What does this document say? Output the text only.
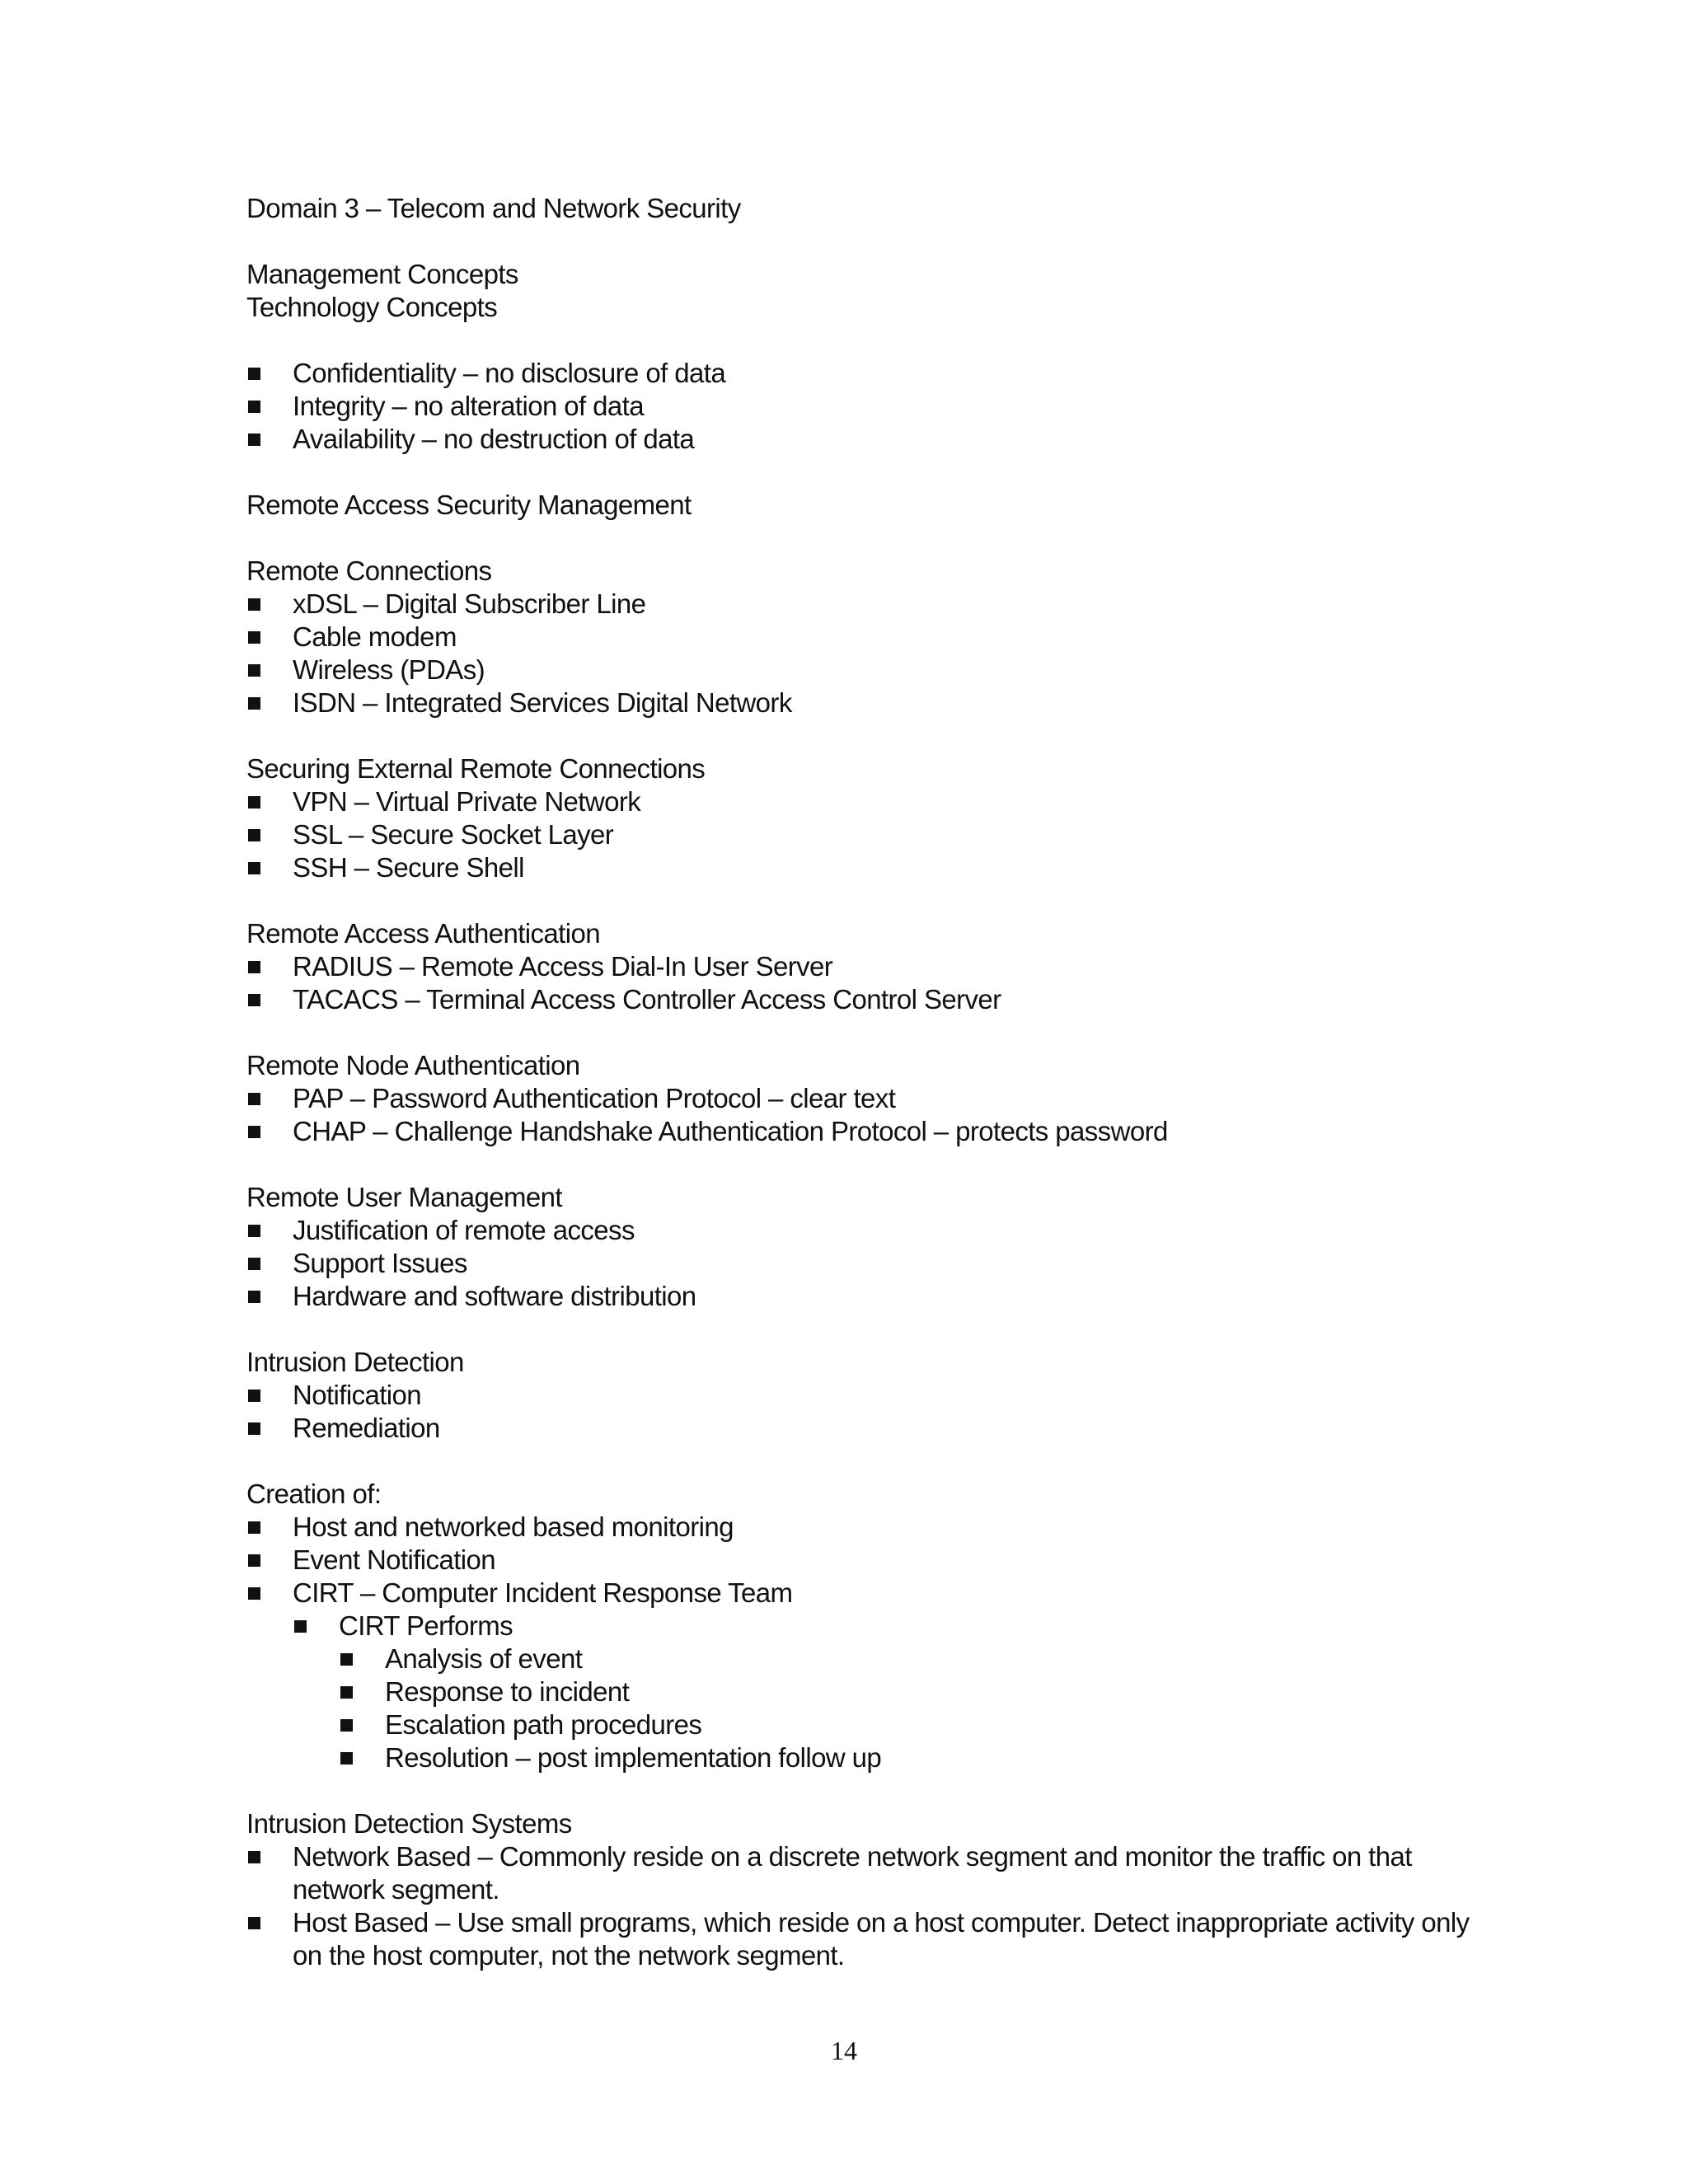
Domain 3 – Telecom and Network Security
Management Concepts
Technology Concepts
Confidentiality – no disclosure of data
Integrity – no alteration of data
Availability – no destruction of data
Remote Access Security Management
Remote Connections
xDSL – Digital Subscriber Line
Cable modem
Wireless (PDAs)
ISDN – Integrated Services Digital Network
Securing External Remote Connections
VPN – Virtual Private Network
SSL – Secure Socket Layer
SSH – Secure Shell
Remote Access Authentication
RADIUS – Remote Access Dial-In User Server
TACACS – Terminal Access Controller Access Control Server
Remote Node Authentication
PAP – Password Authentication Protocol – clear text
CHAP – Challenge Handshake Authentication Protocol – protects password
Remote User Management
Justification of remote access
Support Issues
Hardware and software distribution
Intrusion Detection
Notification
Remediation
Creation of:
Host and networked based monitoring
Event Notification
CIRT – Computer Incident Response Team
CIRT Performs
Analysis of event
Response to incident
Escalation path procedures
Resolution – post implementation follow up
Intrusion Detection Systems
Network Based – Commonly reside on a discrete network segment and monitor the traffic on that network segment.
Host Based – Use small programs, which reside on a host computer. Detect inappropriate activity only on the host computer, not the network segment.
14
